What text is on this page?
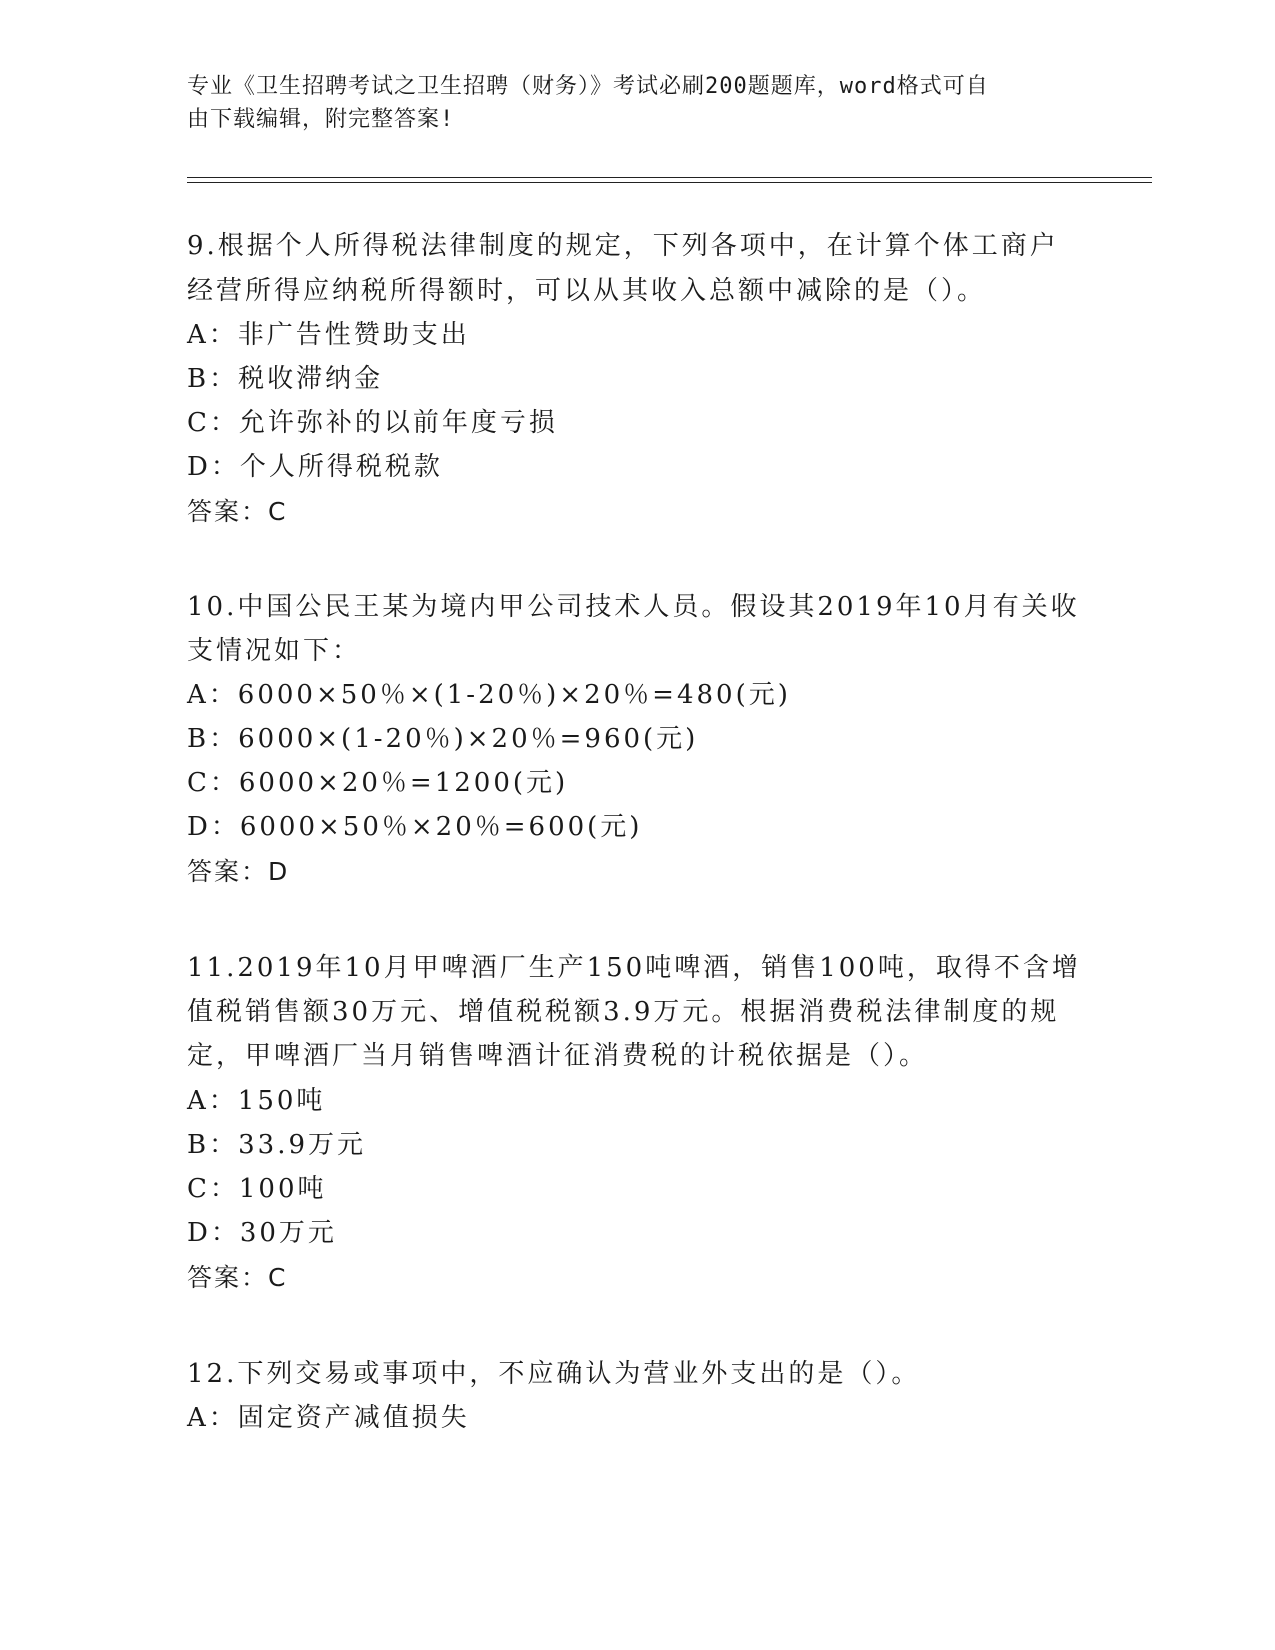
专业《卫生招聘考试之卫生招聘（财务）》考试必刷200题题库，word格式可自
由下载编辑，附完整答案!
9.根据个人所得税法律制度的规定，下列各项中，在计算个体工商户
经营所得应纳税所得额时，可以从其收入总额中减除的是（）。
A：非广告性赞助支出
B：税收滞纳金
C：允许弥补的以前年度亏损
D：个人所得税税款
答案：C
10.中国公民王某为境内甲公司技术人员。假设其2019年10月有关收
支情况如下：
A：6000×50％×(1-20％)×20％=480(元)
B：6000×(1-20％)×20％=960(元)
C：6000×20％=1200(元)
D：6000×50％×20％=600(元)
答案：D
11.2019年10月甲啤酒厂生产150吨啤酒，销售100吨，取得不含增
值税销售额30万元、增值税税额3.9万元。根据消费税法律制度的规
定，甲啤酒厂当月销售啤酒计征消费税的计税依据是（）。
A：150吨
B：33.9万元
C：100吨
D：30万元
答案：C
12.下列交易或事项中，不应确认为营业外支出的是（）。
A：固定资产减值损失
